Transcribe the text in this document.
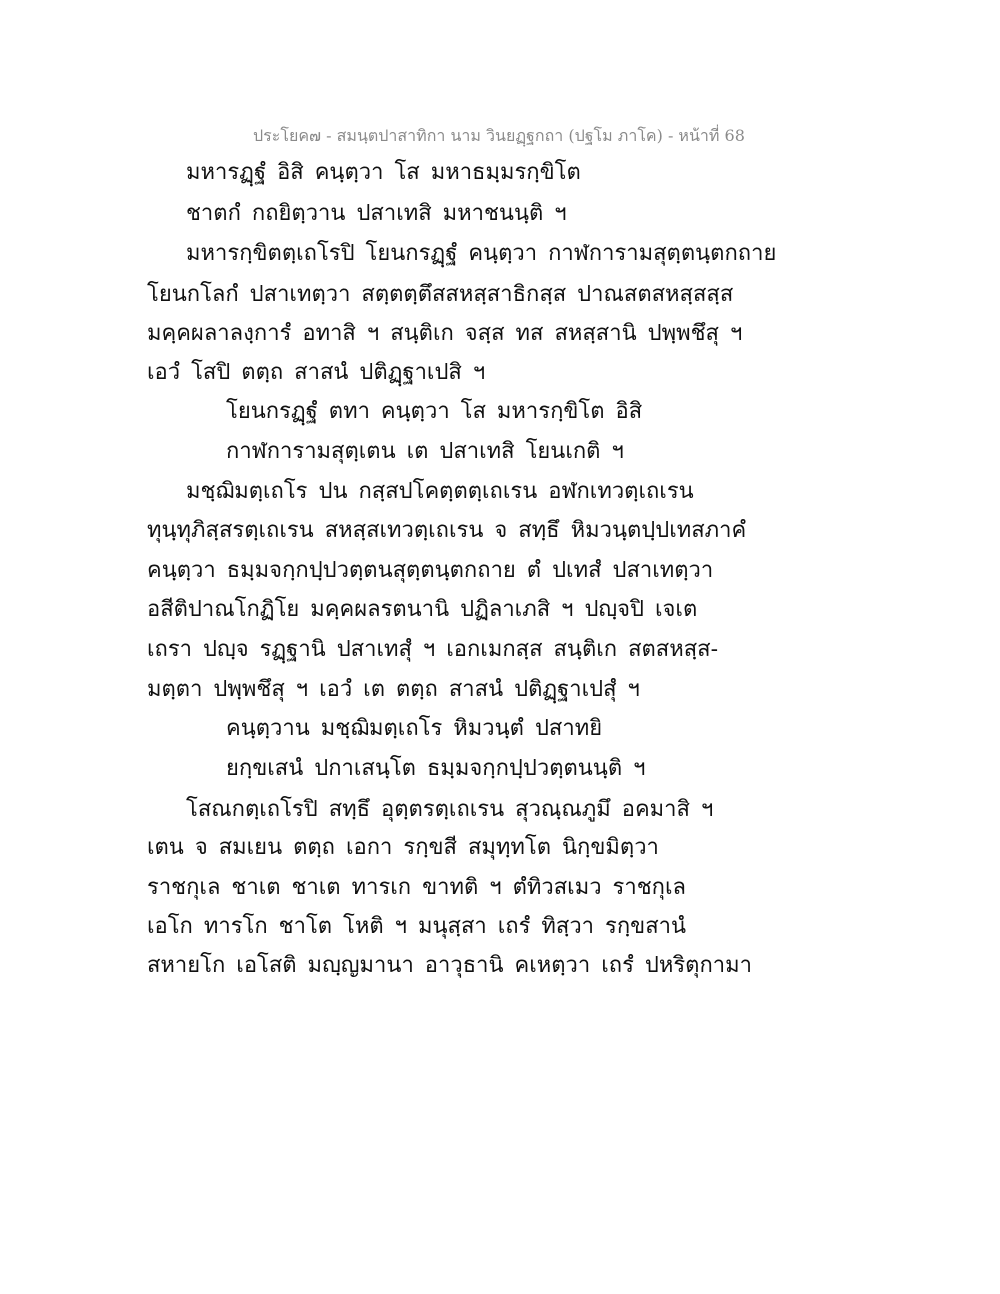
ประโยค๗ - สมนฺตปาสาทิกา นาม วินยฏฺฐกถา (ปฐโม ภาโค) - หน้าที่ 68
มหารฏฺฐํ อิสิ คนฺตฺวา โส มหาธมฺมรกฺขิโต
ชาตกํ กถยิตฺวาน ปสาเทสิ มหาชนนฺติ ฯ
มหารกฺขิตตฺเถโรปิ โยนกรฏฺฐํ คนฺตฺวา กาฬการามสุตฺตนฺตกถาย
โยนกโลกํ ปสาเทตฺวา สตฺตตฺตึสสหสฺสาธิกสฺส ปาณสตสหสฺสสฺส
มคฺคผลาลงฺการํ อทาสิ ฯ สนฺติเก จสฺส ทส สหสฺสานิ ปพฺพชึสุ ฯ
เอวํ โสปิ ตตฺถ สาสนํ ปติฏฺฐาเปสิ ฯ
โยนกรฏฺฐํ ตทา คนฺตฺวา โส มหารกฺขิโต อิสิ
กาฬการามสุตฺเตน เต ปสาเทสิ โยนเกติ ฯ
มชฺฌิมตฺเถโร ปน กสฺสปโคตฺตตฺเถเรน อฬกเทวตฺเถเรน
ทุนฺทุภิสฺสรตฺเถเรน สหสฺสเทวตฺเถเรน จ สทฺธึ หิมวนฺตปฺปเทสภาคํ
คนฺตฺวา ธมฺมจกฺกปฺปวตฺตนสุตฺตนฺตกถาย ตํ ปเทสํ ปสาเทตฺวา
อสีติปาณโกฏิโย มคฺคผลรตนานิ ปฏิลาเภสิ ฯ ปญฺจปิ เจเต
เถรา ปญฺจ รฏฺฐานิ ปสาเทสุํ ฯ เอกเมกสฺส สนฺติเก สตสหสฺส-
มตฺตา ปพฺพชึสุ ฯ เอวํ เต ตตฺถ สาสนํ ปติฏฺฐาเปสุํ ฯ
คนฺตฺวาน มชฺฌิมตฺเถโร หิมวนฺตํ ปสาทยิ
ยกฺขเสนํ ปกาเสนฺโต ธมฺมจกฺกปฺปวตฺตนนฺติ ฯ
โสณกตฺเถโรปิ สทฺธึ อุตฺตรตฺเถเรน สุวณฺณภูมึ อคมาสิ ฯ
เตน จ สมเยน ตตฺถ เอกา รกฺขสี สมุทฺทโต นิกฺขมิตฺวา
ราชกุเล ชาเต ชาเต ทารเก ขาทติ ฯ ตํทิวสเมว ราชกุเล
เอโก ทารโก ชาโต โหติ ฯ มนุสฺสา เถรํ ทิสฺวา รกฺขสานํ
สหายโก เอโสติ มญฺญมานา อาวุธานิ คเหตฺวา เถรํ ปหริตุกามา
